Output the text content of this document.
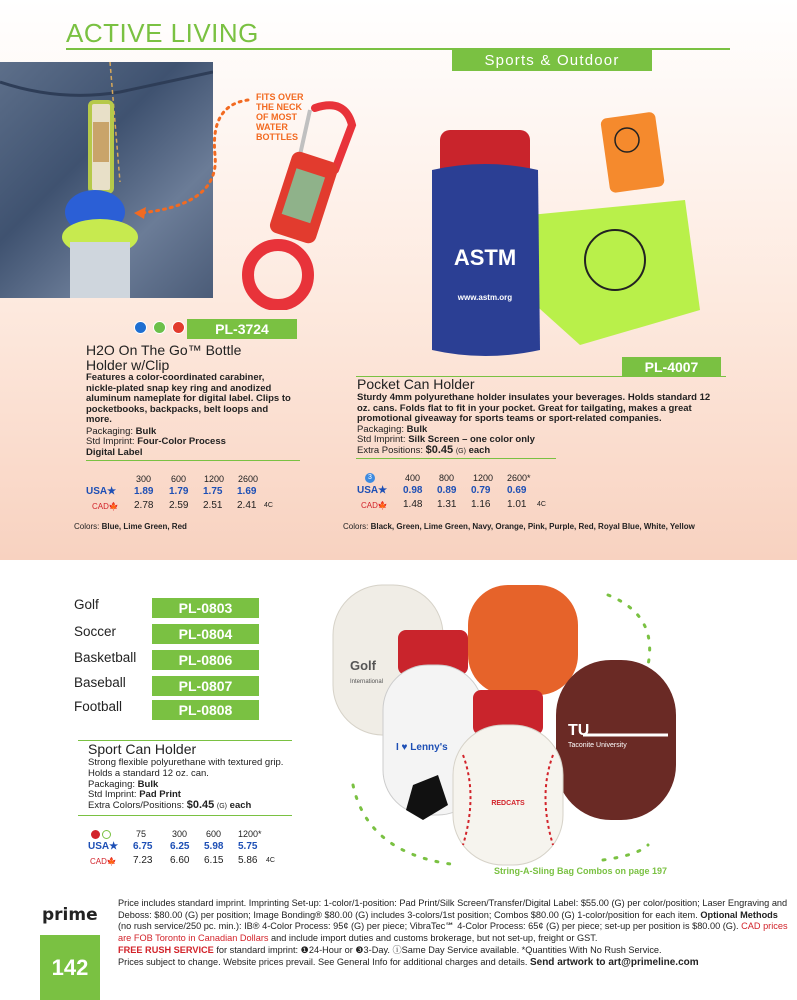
ACTIVE LIVING
Sports & Outdoor
FITS OVER THE NECK OF MOST WATER BOTTLES
PL-3724
H2O On The Go™ Bottle
Holder w/Clip
Features a color-coordinated carabiner, nickle-plated snap key ring and anodized aluminum nameplate for digital label. Clips to pocketbooks, backpacks, belt loops and more.
Packaging: Bulk
Std Imprint: Four-Color Process Digital Label
300 600 1200 2600
USA★ 1.89 1.79 1.75 1.69
CAD🍁 2.78 2.59 2.51 2.41 4C
Colors: Blue, Lime Green, Red
ASTM
www.astm.org
PL-4007
Pocket Can Holder
Sturdy 4mm polyurethane holder insulates your beverages. Holds standard 12 oz. cans. Folds flat to fit in your pocket. Great for tailgating, makes a great promotional giveaway for sports teams or sport-related companies.
Packaging: Bulk
Std Imprint: Silk Screen – one color only
Extra Positions: $0.45 (G) each
3	400 800 1200 2600*
USA★ 0.98 0.89 0.79 0.69
CAD🍁 1.48 1.31 1.16 1.01 4C
Colors: Black, Green, Lime Green, Navy, Orange, Pink, Purple, Red, Royal Blue, White, Yellow
Golf	PL-0803
Soccer	PL-0804
Basketball	PL-0806
Baseball	PL-0807
Football	PL-0808
Sport Can Holder
Strong flexible polyurethane with textured grip. Holds a standard 12 oz. can.
Packaging: Bulk
Std Imprint: Pad Print
Extra Colors/Positions: $0.45 (G) each
75	300 600 1200*
USA★ 6.75 6.25 5.98 5.75
CAD🍁 7.23 6.60 6.15 5.86 4C
Golf
International
TU
Taconite University
I ♥ Lenny's
REDCATS
String-A-Sling Bag Combos on page 197
prime
142
Price includes standard imprint. Imprinting Set-up: 1-color/1-position: Pad Print/Silk Screen/Transfer/Digital Label: $55.00 (G) per color/position; Laser Engraving and Deboss: $80.00 (G) per position; Image Bonding® $80.00 (G) includes 3-colors/1st position; Combos $80.00 (G) 1-color/position for each item. Optional Methods (no rush service/250 pc. min.): IB® 4-Color Process: 95¢ (G) per piece; VibraTec℠ 4-Color Process: 65¢ (G) per piece; set-up per position is $80.00 (G). CAD prices are FOB Toronto in Canadian Dollars and include import duties and customs brokerage, but not set-up, freight or GST.
FREE RUSH SERVICE for standard imprint: ❶24-Hour or ❸3-Day. ⓘSame Day Service available. *Quantities With No Rush Service.
Prices subject to change. Website prices prevail. See General Info for additional charges and details. Send artwork to art@primeline.com
